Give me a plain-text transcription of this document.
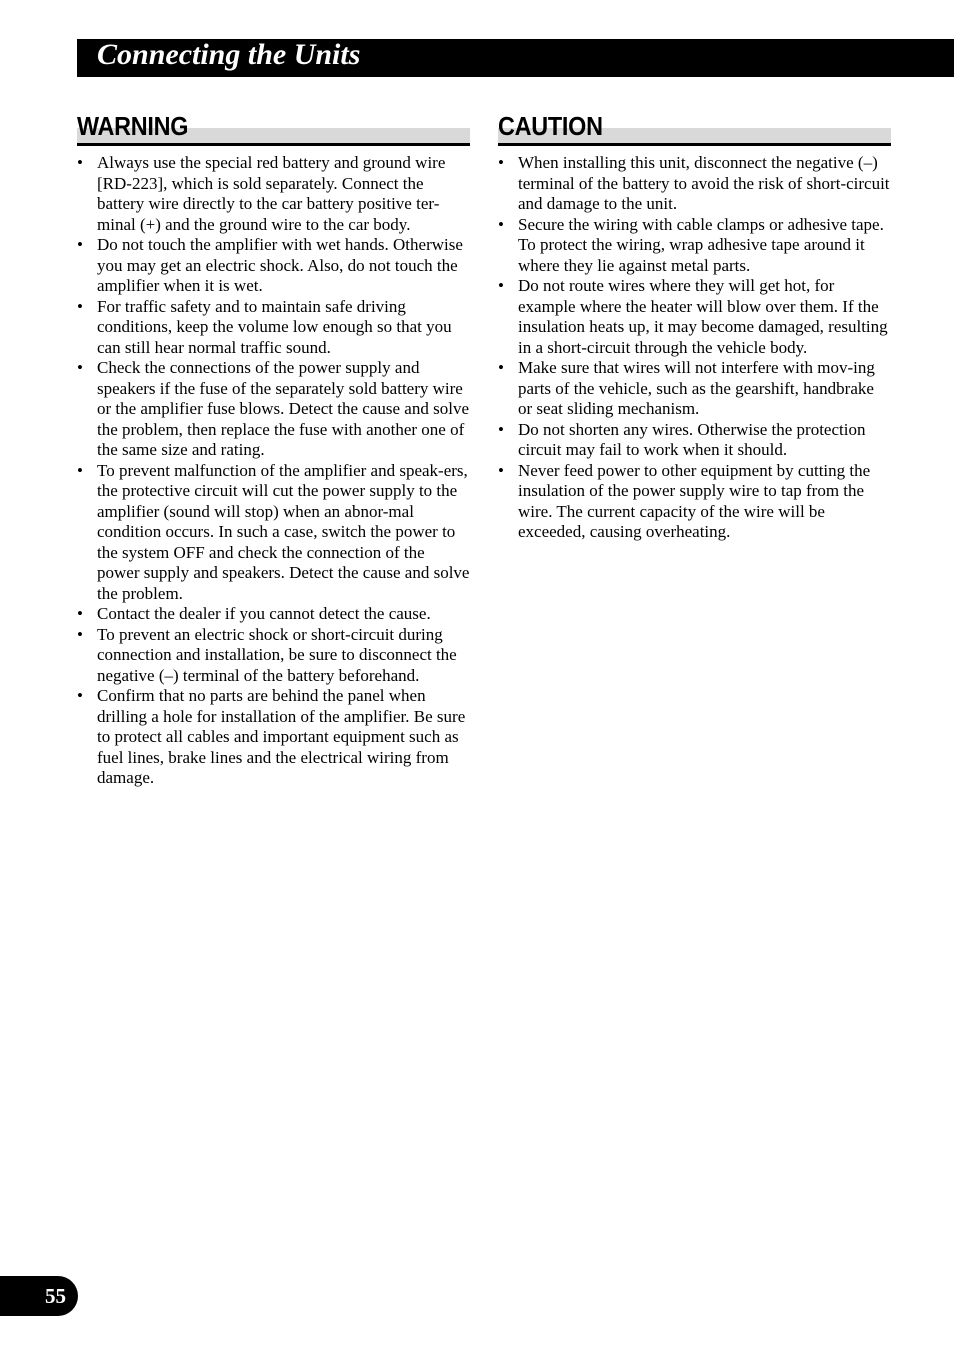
Connecting the Units
WARNING
• Always use the special red battery and ground wire [RD-223], which is sold separately. Connect the battery wire directly to the car battery positive ter-minal (+) and the ground wire to the car body.
• Do not touch the amplifier with wet hands. Otherwise you may get an electric shock. Also, do not touch the amplifier when it is wet.
• For traffic safety and to maintain safe driving conditions, keep the volume low enough so that you can still hear normal traffic sound.
• Check the connections of the power supply and speakers if the fuse of the separately sold battery wire or the amplifier fuse blows. Detect the cause and solve the problem, then replace the fuse with another one of the same size and rating.
• To prevent malfunction of the amplifier and speak-ers, the protective circuit will cut the power supply to the amplifier (sound will stop) when an abnor-mal condition occurs. In such a case, switch the power to the system OFF and check the connection of the power supply and speakers. Detect the cause and solve the problem.
• Contact the dealer if you cannot detect the cause.
• To prevent an electric shock or short-circuit during connection and installation, be sure to disconnect the negative (–) terminal of the battery beforehand.
• Confirm that no parts are behind the panel when drilling a hole for installation of the amplifier. Be sure to protect all cables and important equipment such as fuel lines, brake lines and the electrical wiring from damage.
CAUTION
• When installing this unit, disconnect the negative (–) terminal of the battery to avoid the risk of short-circuit and damage to the unit.
• Secure the wiring with cable clamps or adhesive tape. To protect the wiring, wrap adhesive tape around it where they lie against metal parts.
• Do not route wires where they will get hot, for example where the heater will blow over them. If the insulation heats up, it may become damaged, resulting in a short-circuit through the vehicle body.
• Make sure that wires will not interfere with mov-ing parts of the vehicle, such as the gearshift, handbrake or seat sliding mechanism.
• Do not shorten any wires. Otherwise the protection circuit may fail to work when it should.
• Never feed power to other equipment by cutting the insulation of the power supply wire to tap from the wire. The current capacity of the wire will be exceeded, causing overheating.
55
